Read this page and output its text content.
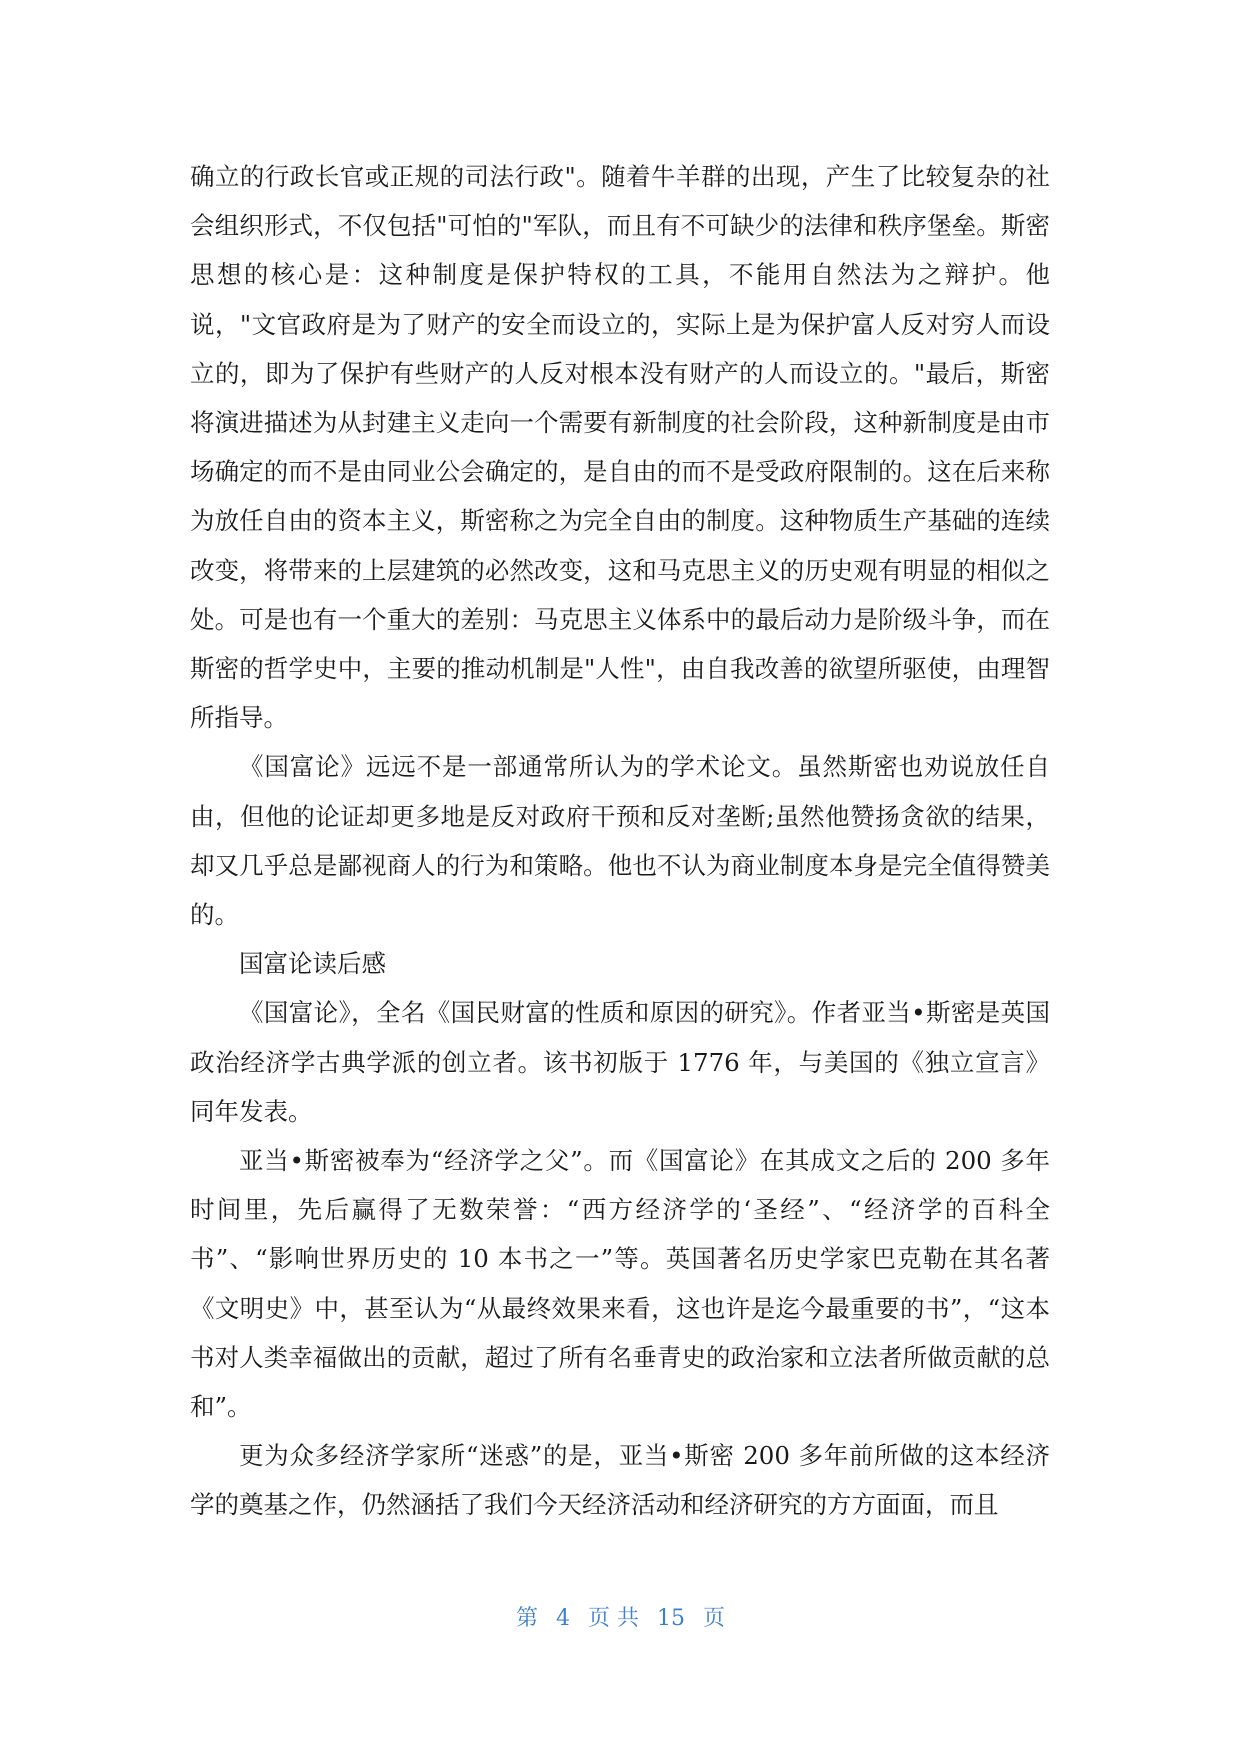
确立的行政长官或正规的司法行政"。随着牛羊群的出现，产生了比较复杂的社会组织形式，不仅包括"可怕的"军队，而且有不可缺少的法律和秩序堡垒。斯密思想的核心是：这种制度是保护特权的工具，不能用自然法为之辩护。他说，"文官政府是为了财产的安全而设立的，实际上是为保护富人反对穷人而设立的，即为了保护有些财产的人反对根本没有财产的人而设立的。"最后，斯密将演进描述为从封建主义走向一个需要有新制度的社会阶段，这种新制度是由市场确定的而不是由同业公会确定的，是自由的而不是受政府限制的。这在后来称为放任自由的资本主义，斯密称之为完全自由的制度。这种物质生产基础的连续改变，将带来的上层建筑的必然改变，这和马克思主义的历史观有明显的相似之处。可是也有一个重大的差别：马克思主义体系中的最后动力是阶级斗争，而在斯密的哲学史中，主要的推动机制是"人性"，由自我改善的欲望所驱使，由理智所指导。

《国富论》远远不是一部通常所认为的学术论文。虽然斯密也劝说放任自由，但他的论证却更多地是反对政府干预和反对垄断;虽然他赞扬贪欲的结果，却又几乎总是鄙视商人的行为和策略。他也不认为商业制度本身是完全值得赞美的。

国富论读后感

《国富论》，全名《国民财富的性质和原因的研究》。作者亚当•斯密是英国政治经济学古典学派的创立者。该书初版于 1776 年，与美国的《独立宣言》同年发表。

亚当•斯密被奉为“经济学之父”。而《国富论》在其成文之后的 200 多年时间里，先后赢得了无数荣誉：“西方经济学的‘圣经”、“经济学的百科全书”、“影响世界历史的 10 本书之一”等。英国著名历史学家巴克勒在其名著《文明史》中，甚至认为“从最终效果来看，这也许是迄今最重要的书”，“这本书对人类幸福做出的贡献，超过了所有名垂青史的政治家和立法者所做贡献的总和”。

更为众多经济学家所“迷惑”的是，亚当•斯密 200 多年前所做的这本经济学的奠基之作，仍然涵括了我们今天经济活动和经济研究的方方面面，而且

第 4 页 共 15 页
